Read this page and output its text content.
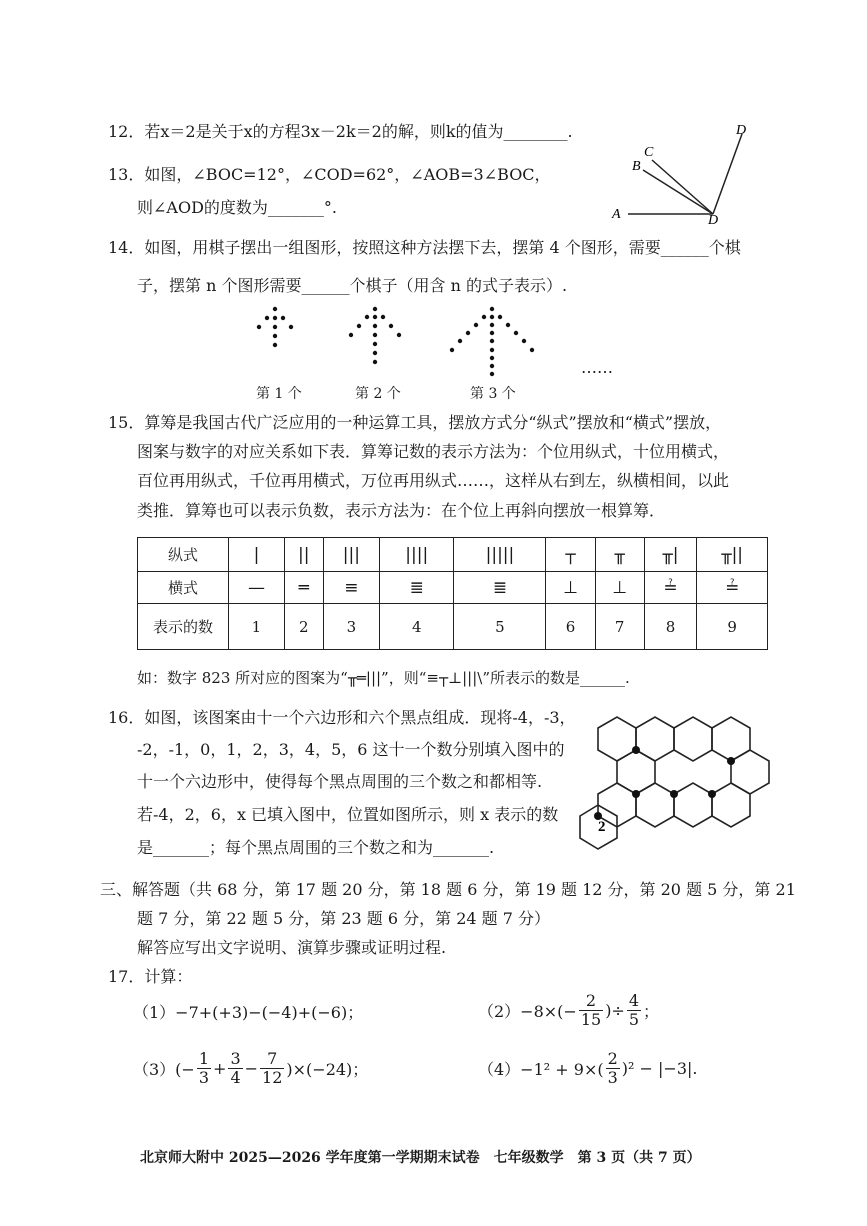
12．若x＝2是关于x的方程3x－2k＝2的解，则k的值为________.
13．如图，∠BOC=12°，∠COD=62°，∠AOB=3∠BOC，
则∠AOD的度数为_______°.	A
B
C
D
D
14．如图，用棋子摆出一组图形，按照这种方法摆下去，摆第 4 个图形，需要______个棋
子，摆第 n 个图形需要______个棋子（用含 n 的式子表示）.
……
第 1 个	第 2 个	第 3 个
15．算筹是我国古代广泛应用的一种运算工具，摆放方式分“纵式”摆放和“横式”摆放，
图案与数字的对应关系如下表．算筹记数的表示方法为：个位用纵式，十位用横式，
百位再用纵式，千位再用横式，万位再用纵式……，这样从右到左，纵横相间，以此
类推．算筹也可以表示负数，表示方法为：在个位上再斜向摆放一根算筹．
纵式	|	||	|||	||||	|||||	┬	╥	╥|	╥||
横式	—	═	≡	≣	≣	⊥	⊥	≟	≟
表示的数	1	2	3	4	5	6	7	8	9
如：数字 823 所对应的图案为“╥═|||”，则“≡┬⊥|||\”所表示的数是______.
16．如图，该图案由十一个六边形和六个黑点组成．现将-4，-3，
-2，-1，0，1，2，3，4，5，6 这十一个数分别填入图中的
十一个六边形中，使得每个黑点周围的三个数之和都相等.
若-4，2，6，x 已填入图中，位置如图所示，则 x 表示的数
是_______；每个黑点周围的三个数之和为_______.
2
三、解答题（共 68 分，第 17 题 20 分，第 18 题 6 分，第 19 题 12 分，第 20 题 5 分，第 21
题 7 分，第 22 题 5 分，第 23 题 6 分，第 24 题 7 分）
解答应写出文字说明、演算步骤或证明过程.
17．计算：
（1）−7+(+3)−(−4)+(−6)；	$(2)-8\times(- \frac{2}{15}$ )÷ $\frac{4}{5}$ ；
$(3)(- \frac{1}{3} + \frac{3}{4} - \frac{7}{12} )\times(-24)$；	$(4)-1^2 + 9\times( \frac{2}{3} )^2 - |-3|$.
北京师大附中 2025—2026 学年度第一学期期末试卷　七年级数学　第 3 页（共 7 页）
